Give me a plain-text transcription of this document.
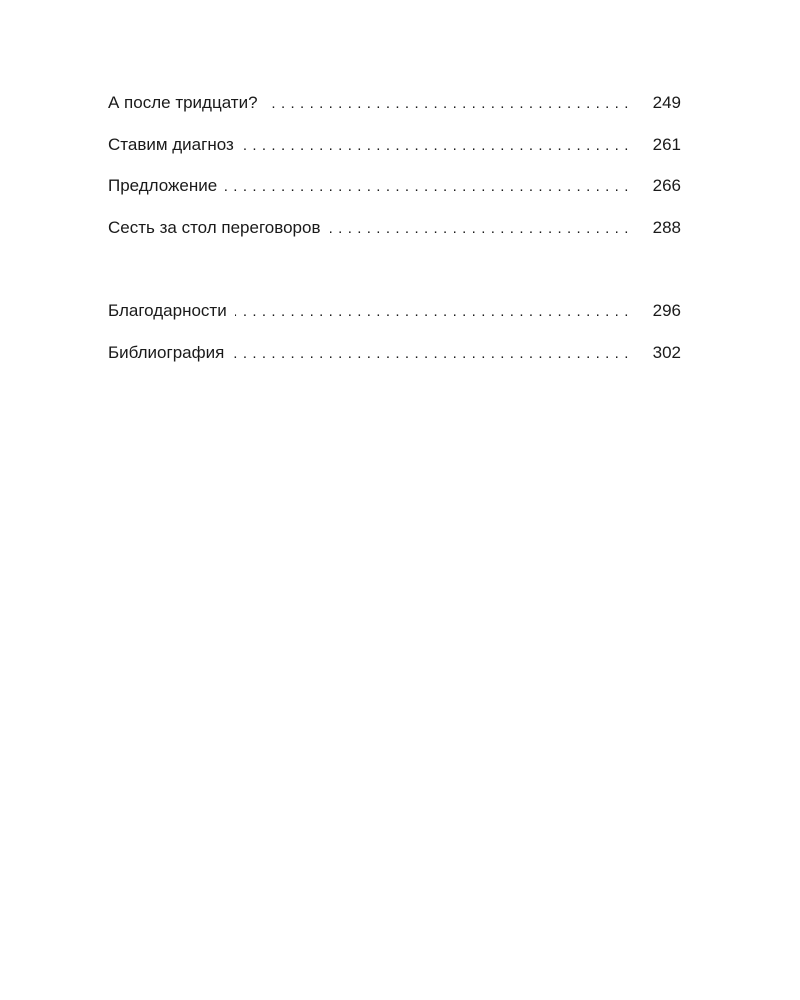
А после тридцати? . . .	249
Ставим диагноз . . .	261
Предложение . . .	266
Сесть за стол переговоров . . .	288
Благодарности . . .	296
Библиография . . .	302
